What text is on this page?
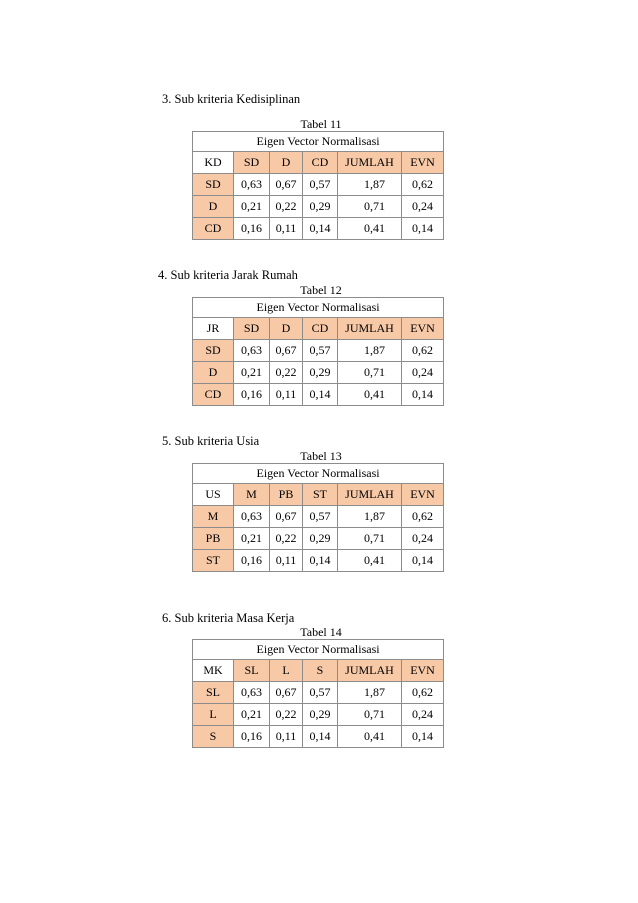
3. Sub kriteria Kedisiplinan
Tabel 11
Eigen Vector Normalisasi					
KD	SD	D	CD	JUMLAH	EVN
SD	0,63	0,67	0,57	1,87	0,62
D	0,21	0,22	0,29	0,71	0,24
CD	0,16	0,11	0,14	0,41	0,14
4. Sub kriteria Jarak Rumah
Tabel 12
Eigen Vector Normalisasi					
JR	SD	D	CD	JUMLAH	EVN
SD	0,63	0,67	0,57	1,87	0,62
D	0,21	0,22	0,29	0,71	0,24
CD	0,16	0,11	0,14	0,41	0,14
5. Sub kriteria Usia
Tabel 13
Eigen Vector Normalisasi					
US	M	PB	ST	JUMLAH	EVN
M	0,63	0,67	0,57	1,87	0,62
PB	0,21	0,22	0,29	0,71	0,24
ST	0,16	0,11	0,14	0,41	0,14
6. Sub kriteria Masa Kerja
Tabel 14
Eigen Vector Normalisasi					
MK	SL	L	S	JUMLAH	EVN
SL	0,63	0,67	0,57	1,87	0,62
L	0,21	0,22	0,29	0,71	0,24
S	0,16	0,11	0,14	0,41	0,14
